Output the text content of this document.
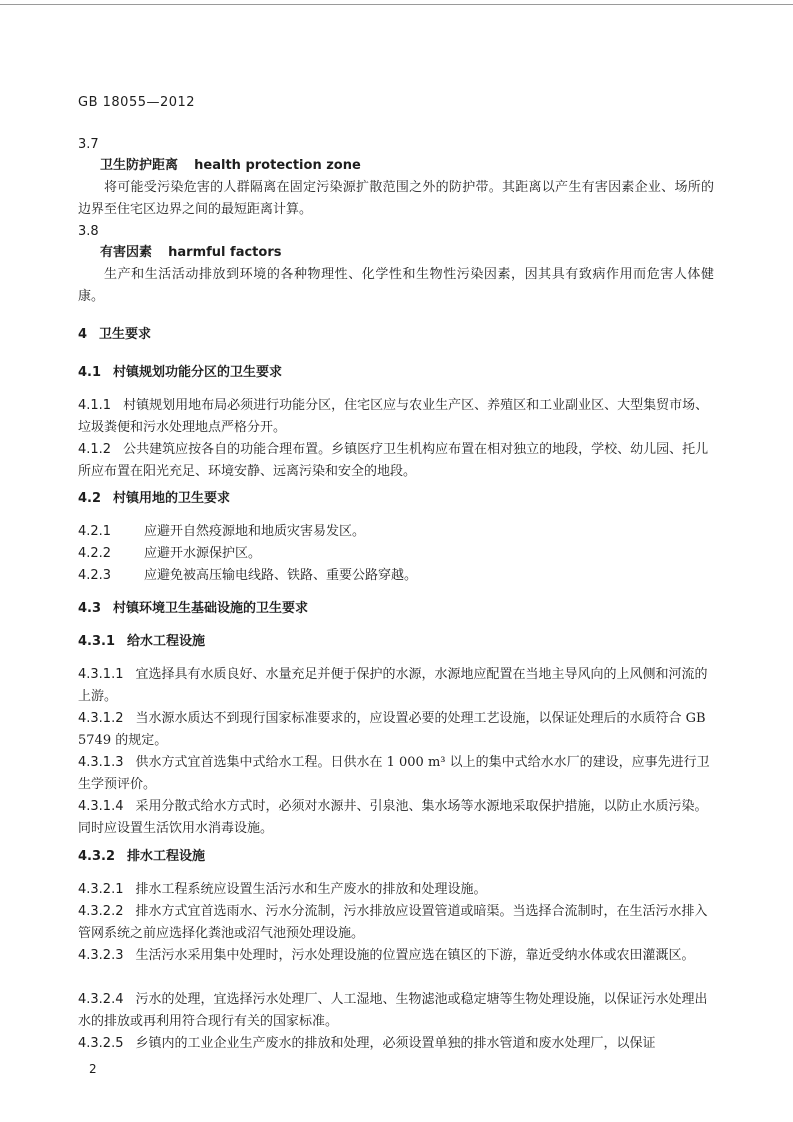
GB 18055—2012
3.7
卫生防护距离 health protection zone
将可能受污染危害的人群隔离在固定污染源扩散范围之外的防护带。其距离以产生有害因素企业、场所的边界至住宅区边界之间的最短距离计算。
3.8
有害因素 harmful factors
生产和生活活动排放到环境的各种物理性、化学性和生物性污染因素，因其具有致病作用而危害人体健康。
4 卫生要求
4.1 村镇规划功能分区的卫生要求
4.1.1 村镇规划用地布局必须进行功能分区，住宅区应与农业生产区、养殖区和工业副业区、大型集贸市场、垃圾粪便和污水处理地点严格分开。
4.1.2 公共建筑应按各自的功能合理布置。乡镇医疗卫生机构应布置在相对独立的地段，学校、幼儿园、托儿所应布置在阳光充足、环境安静、远离污染和安全的地段。
4.2 村镇用地的卫生要求
4.2.1	应避开自然疫源地和地质灾害易发区。
4.2.2	应避开水源保护区。
4.2.3	应避免被高压输电线路、铁路、重要公路穿越。
4.3 村镇环境卫生基础设施的卫生要求
4.3.1 给水工程设施
4.3.1.1 宜选择具有水质良好、水量充足并便于保护的水源，水源地应配置在当地主导风向的上风侧和河流的上游。
4.3.1.2 当水源水质达不到现行国家标准要求的，应设置必要的处理工艺设施，以保证处理后的水质符合 GB 5749 的规定。
4.3.1.3 供水方式宜首选集中式给水工程。日供水在 1 000 m³ 以上的集中式给水水厂的建设，应事先进行卫生学预评价。
4.3.1.4 采用分散式给水方式时，必须对水源井、引泉池、集水场等水源地采取保护措施，以防止水质污染。同时应设置生活饮用水消毒设施。
4.3.2 排水工程设施
4.3.2.1 排水工程系统应设置生活污水和生产废水的排放和处理设施。
4.3.2.2 排水方式宜首选雨水、污水分流制，污水排放应设置管道或暗渠。当选择合流制时，在生活污水排入管网系统之前应选择化粪池或沼气池预处理设施。
4.3.2.3 生活污水采用集中处理时，污水处理设施的位置应选在镇区的下游，靠近受纳水体或农田灌溉区。
4.3.2.4 污水的处理，宜选择污水处理厂、人工湿地、生物滤池或稳定塘等生物处理设施，以保证污水处理出水的排放或再利用符合现行有关的国家标准。
4.3.2.5 乡镇内的工业企业生产废水的排放和处理，必须设置单独的排水管道和废水处理厂，以保证
2
